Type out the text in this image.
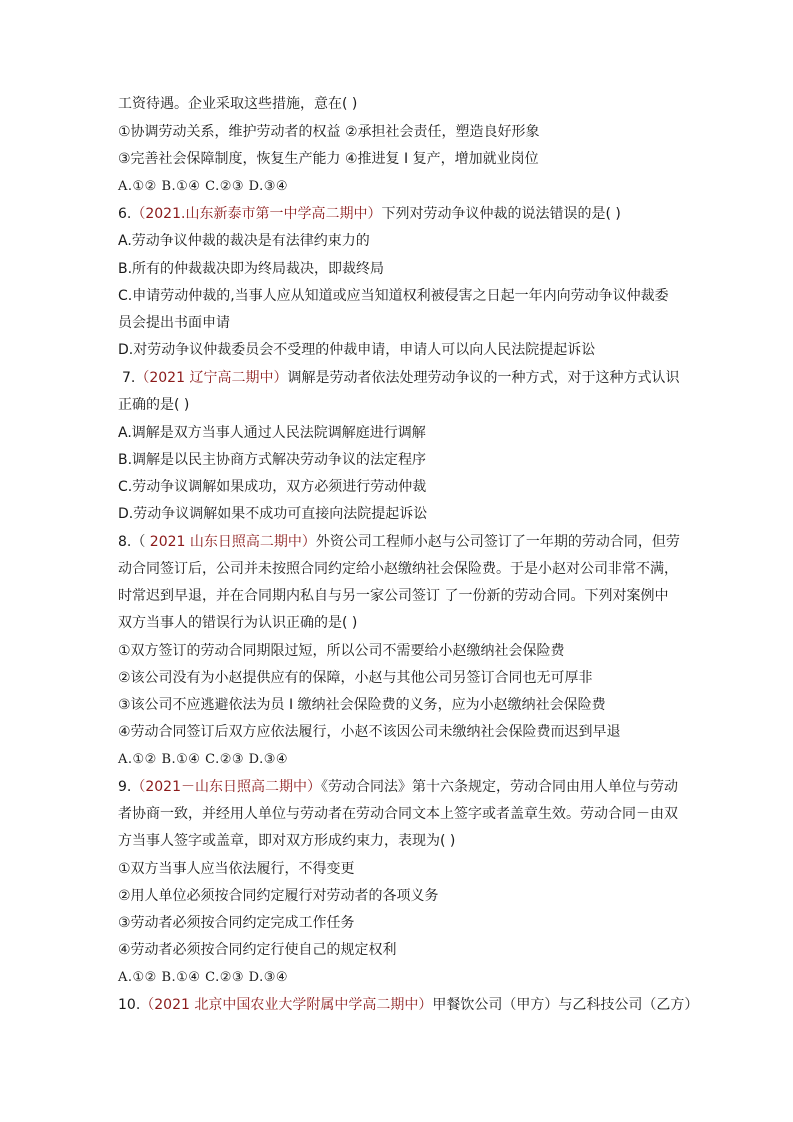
工资待遇。企业采取这些措施，意在( )
①协调劳动关系，维护劳动者的权益 ②承担社会责任，塑造良好形象
③完善社会保障制度，恢复生产能力 ④推进复 I 复产，增加就业岗位
A.①② B.①④ C.②③ D.③④
6.（2021.山东新泰市第一中学高二期中）下列对劳动争议仲裁的说法错误的是( )
A.劳动争议仲裁的裁决是有法律约束力的
B.所有的仲裁裁决即为终局裁决，即裁终局
C.申请劳动仲裁的,当事人应从知道或应当知道权利被侵害之日起一年内向劳动争议仲裁委
员会提出书面申请
D.对劳动争议仲裁委员会不受理的仲裁申请，申请人可以向人民法院提起诉讼
7.（2021 辽宁高二期中）调解是劳动者依法处理劳动争议的一种方式，对于这种方式认识
正确的是( )
A.调解是双方当事人通过人民法院调解庭进行调解
B.调解是以民主协商方式解决劳动争议的法定程序
C.劳动争议调解如果成功，双方必须进行劳动仲裁
D.劳动争议调解如果不成功可直接向法院提起诉讼
8.（ 2021 山东日照高二期中）外资公司工程师小赵与公司签订了一年期的劳动合同，但劳
动合同签订后，公司并未按照合同约定给小赵缴纳社会保险费。于是小赵对公司非常不满，
时常迟到早退，并在合同期内私自与另一家公司签订 了一份新的劳动合同。下列对案例中
双方当事人的错误行为认识正确的是( )
①双方签订的劳动合同期限过短，所以公司不需要给小赵缴纳社会保险费
②该公司没有为小赵提供应有的保障，小赵与其他公司另签订合同也无可厚非
③该公司不应逃避依法为员 I 缴纳社会保险费的义务，应为小赵缴纳社会保险费
④劳动合同签订后双方应依法履行，小赵不该因公司未缴纳社会保险费而迟到早退
A.①② B.①④ C.②③ D.③④
9.（2021－山东日照高二期中）《劳动合同法》第十六条规定，劳动合同由用人单位与劳动
者协商一致，并经用人单位与劳动者在劳动合同文本上签字或者盖章生效。劳动合同－由双
方当事人签字或盖章，即对双方形成约束力，表现为( )
①双方当事人应当依法履行，不得变更
②用人单位必须按合同约定履行对劳动者的各项义务
③劳动者必须按合同约定完成工作任务
④劳动者必须按合同约定行使自己的规定权利
A.①② B.①④ C.②③ D.③④
10.（2021 北京中国农业大学附属中学高二期中）甲餐饮公司（甲方）与乙科技公司（乙方）
